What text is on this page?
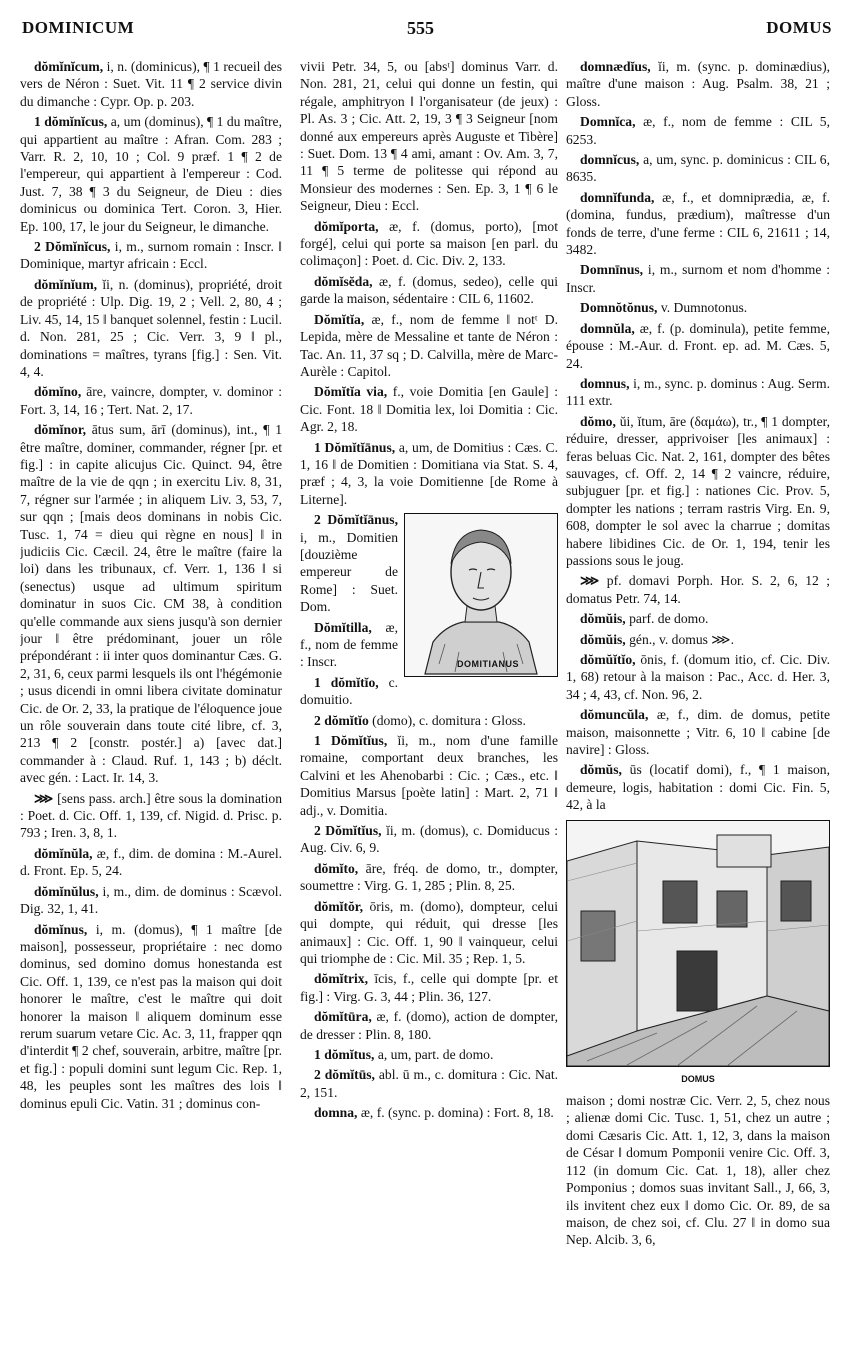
DOMINICUM	555	DOMUS

dŏmĭnĭcum, i, n. (dominicus), ¶ 1 recueil des vers de Néron : Suet. Vit. 11 ¶ 2 service divin du dimanche : Cypr. Op. p. 203.

1 dŏmĭnĭcus, a, um (dominus), ¶ 1 du maître, qui appartient au maître : Afran. Com. 283 ; Varr. R. 2, 10, 10 ; Col. 9 præf. 1 ¶ 2 de l'empereur, qui appartient à l'empereur : Cod. Just. 7, 38 ¶ 3 du Seigneur, de Dieu : dies dominicus ou dominica Tert. Coron. 3, Hier. Ep. 100, 17, le jour du Seigneur, le dimanche.

2 Dŏmĭnĭcus, i, m., surnom romain : Inscr. ‖ Dominique, martyr africain : Eccl.

dŏmĭnĭum, ĭi, n. (dominus), propriété, droit de propriété : Ulp. Dig. 19, 2 ; Vell. 2, 80, 4 ; Liv. 45, 14, 15 ‖ banquet solennel, festin : Lucil. d. Non. 281, 25 ; Cic. Verr. 3, 9 ‖ pl., dominations = maîtres, tyrans [fig.] : Sen. Vit. 4, 4.

dŏmĭno, āre, vaincre, dompter, v. dominor : Fort. 3, 14, 16 ; Tert. Nat. 2, 17.

dŏmĭnor, ātus sum, ārī (dominus), int., ¶ 1 être maître, dominer, commander, régner [pr. et fig.] : in capite alicujus Cic. Quinct. 94, être maître de la vie de qqn ; in exercitu Liv. 8, 31, 7, régner sur l'armée ; in aliquem Liv. 3, 53, 7, sur qqn ; [mais deos dominans in nobis Cic. Tusc. 1, 74 = dieu qui règne en nous] ‖ in judiciis Cic. Cæcil. 24, être le maître (faire la loi) dans les tribunaux, cf. Verr. 1, 136 ‖ si (senectus) usque ad ultimum spiritum dominatur in suos Cic. CM 38, à condition qu'elle commande aux siens jusqu'à son dernier jour ‖ être prédominant, jouer un rôle prépondérant : ii inter quos dominantur Cæs. G. 2, 31, 6, ceux parmi lesquels ils ont l'hégémonie ; usus dicendi in omni libera civitate dominatur Cic. de Or. 2, 33, la pratique de l'éloquence joue un rôle souverain dans toute cité libre, cf. 3, 213 ¶ 2 [constr. postér.] a) [avec dat.] commander à : Claud. Ruf. 1, 143 ; b) déclt. avec gén. : Lact. Ir. 14, 3.

⋙ [sens pass. arch.] être sous la domination : Poet. d. Cic. Off. 1, 139, cf. Nigid. d. Prisc. p. 793 ; Iren. 3, 8, 1.

dŏmĭnŭla, æ, f., dim. de domina : M.-Aurel. d. Front. Ep. 5, 24.

dŏmĭnŭlus, i, m., dim. de dominus : Scævol. Dig. 32, 1, 41.

dŏmĭnus, i, m. (domus), ¶ 1 maître [de maison], possesseur, propriétaire : nec domo dominus, sed domino domus honestanda est Cic. Off. 1, 139, ce n'est pas la maison qui doit honorer le maître, c'est le maître qui doit honorer la maison ‖ aliquem dominum esse rerum suarum vetare Cic. Ac. 3, 11, frapper qqn d'interdit ¶ 2 chef, souverain, arbitre, maître [pr. et fig.] : populi domini sunt legum Cic. Rep. 1, 48, les peuples sont les maîtres des lois ‖ dominus epuli Cic. Vatin. 31 ; dominus con-

vivii Petr. 34, 5, ou [absᵗ] dominus Varr. d. Non. 281, 21, celui qui donne un festin, qui régale, amphitryon ‖ l'organisateur (de jeux) : Pl. As. 3 ; Cic. Att. 2, 19, 3 ¶ 3 Seigneur [nom donné aux empereurs après Auguste et Tibère] : Suet. Dom. 13 ¶ 4 ami, amant : Ov. Am. 3, 7, 11 ¶ 5 terme de politesse qui répond au Monsieur des modernes : Sen. Ep. 3, 1 ¶ 6 le Seigneur, Dieu : Eccl.

dŏmĭporta, æ, f. (domus, porto), [mot forgé], celui qui porte sa maison [en parl. du colimaçon] : Poet. d. Cic. Div. 2, 133.

dŏmĭsĕda, æ, f. (domus, sedeo), celle qui garde la maison, sédentaire : CIL 6, 11602.

Dŏmĭtĭa, æ, f., nom de femme ‖ notᵗ D. Lepida, mère de Messaline et tante de Néron : Tac. An. 11, 37 sq ; D. Calvilla, mère de Marc-Aurèle : Capitol.

Dŏmĭtĭa via, f., voie Domitia [en Gaule] : Cic. Font. 18 ‖ Domitia lex, loi Domitia : Cic. Agr. 2, 18.

1 Dŏmĭtĭānus, a, um, de Domitius : Cæs. C. 1, 16 ‖ de Domitien : Domitiana via Stat. S. 4, præf ; 4, 3, la voie Domitienne [de Rome à Literne].

DOMITIANUS
2 Dŏmĭtĭānus, i, m., Domitien [douzième empereur de Rome] : Suet. Dom.

Dŏmĭtilla, æ, f., nom de femme : Inscr.

1 dŏmĭtĭo, c. domuitio.

2 dŏmĭtĭo (domo), c. domitura : Gloss.

1 Dŏmĭtĭus, ĭi, m., nom d'une famille romaine, comportant deux branches, les Calvini et les Ahenobarbi : Cic. ; Cæs., etc. ‖ Domitius Marsus [poète latin] : Mart. 2, 71 ‖ adj., v. Domitia.

2 Dŏmĭtĭus, ĭi, m. (domus), c. Domiducus : Aug. Civ. 6, 9.

dŏmĭto, āre, fréq. de domo, tr., dompter, soumettre : Virg. G. 1, 285 ; Plin. 8, 25.

dŏmĭtŏr, ōris, m. (domo), dompteur, celui qui dompte, qui réduit, qui dresse [les animaux] : Cic. Off. 1, 90 ‖ vainqueur, celui qui triomphe de : Cic. Mil. 35 ; Rep. 1, 5.

dŏmĭtrix, īcis, f., celle qui dompte [pr. et fig.] : Virg. G. 3, 44 ; Plin. 36, 127.

dŏmĭtūra, æ, f. (domo), action de dompter, de dresser : Plin. 8, 180.

1 dŏmĭtus, a, um, part. de domo.

2 dŏmĭtūs, abl. ū m., c. domitura : Cic. Nat. 2, 151.

domna, æ, f. (sync. p. domina) : Fort. 8, 18.

domnædĭus, ĭi, m. (sync. p. dominædius), maître d'une maison : Aug. Psalm. 38, 21 ; Gloss.

Domnĭca, æ, f., nom de femme : CIL 5, 6253.

domnĭcus, a, um, sync. p. dominicus : CIL 6, 8635.

domnĭfunda, æ, f., et domniprædia, æ, f. (domina, fundus, prædium), maîtresse d'un fonds de terre, d'une ferme : CIL 6, 21611 ; 14, 3482.

Domnīnus, i, m., surnom et nom d'homme : Inscr.

Domnŏtŏnus, v. Dumnotonus.

domnŭla, æ, f. (p. dominula), petite femme, épouse : M.-Aur. d. Front. ep. ad. M. Cæs. 5, 24.

domnus, i, m., sync. p. dominus : Aug. Serm. 111 extr.

dŏmo, ŭi, ĭtum, āre (δαμάω), tr., ¶ 1 dompter, réduire, dresser, apprivoiser [les animaux] : feras beluas Cic. Nat. 2, 161, dompter des bêtes sauvages, cf. Off. 2, 14 ¶ 2 vaincre, réduire, subjuguer [pr. et fig.] : nationes Cic. Prov. 5, dompter les nations ; terram rastris Virg. En. 9, 608, dompter le sol avec la charrue ; domitas habere libidines Cic. de Or. 1, 194, tenir les passions sous le joug.

⋙ pf. domavi Porph. Hor. S. 2, 6, 12 ; domatus Petr. 74, 14.

dŏmŭis, parf. de domo.

dŏmŭis, gén., v. domus ⋙.

dŏmŭĭtĭo, ōnis, f. (domum itio, cf. Cic. Div. 1, 68) retour à la maison : Pac., Acc. d. Her. 3, 34 ; 4, 43, cf. Non. 96, 2.

dŏmuncŭla, æ, f., dim. de domus, petite maison, maisonnette ; Vitr. 6, 10 ‖ cabine [de navire] : Gloss.

dŏmŭs, ūs (locatif domi), f., ¶ 1 maison, demeure, logis, habitation : domi Cic. Fin. 5, 42, à la

DOMUS

maison ; domi nostræ Cic. Verr. 2, 5, chez nous ; alienæ domi Cic. Tusc. 1, 51, chez un autre ; domi Cæsaris Cic. Att. 1, 12, 3, dans la maison de César ‖ domum Pomponii venire Cic. Off. 3, 112 (in domum Cic. Cat. 1, 18), aller chez Pomponius ; domos suas invitant Sall., J, 66, 3, ils invitent chez eux ‖ domo Cic. Or. 89, de sa maison, de chez soi, cf. Clu. 27 ‖ in domo sua Nep. Alcib. 3, 6,
